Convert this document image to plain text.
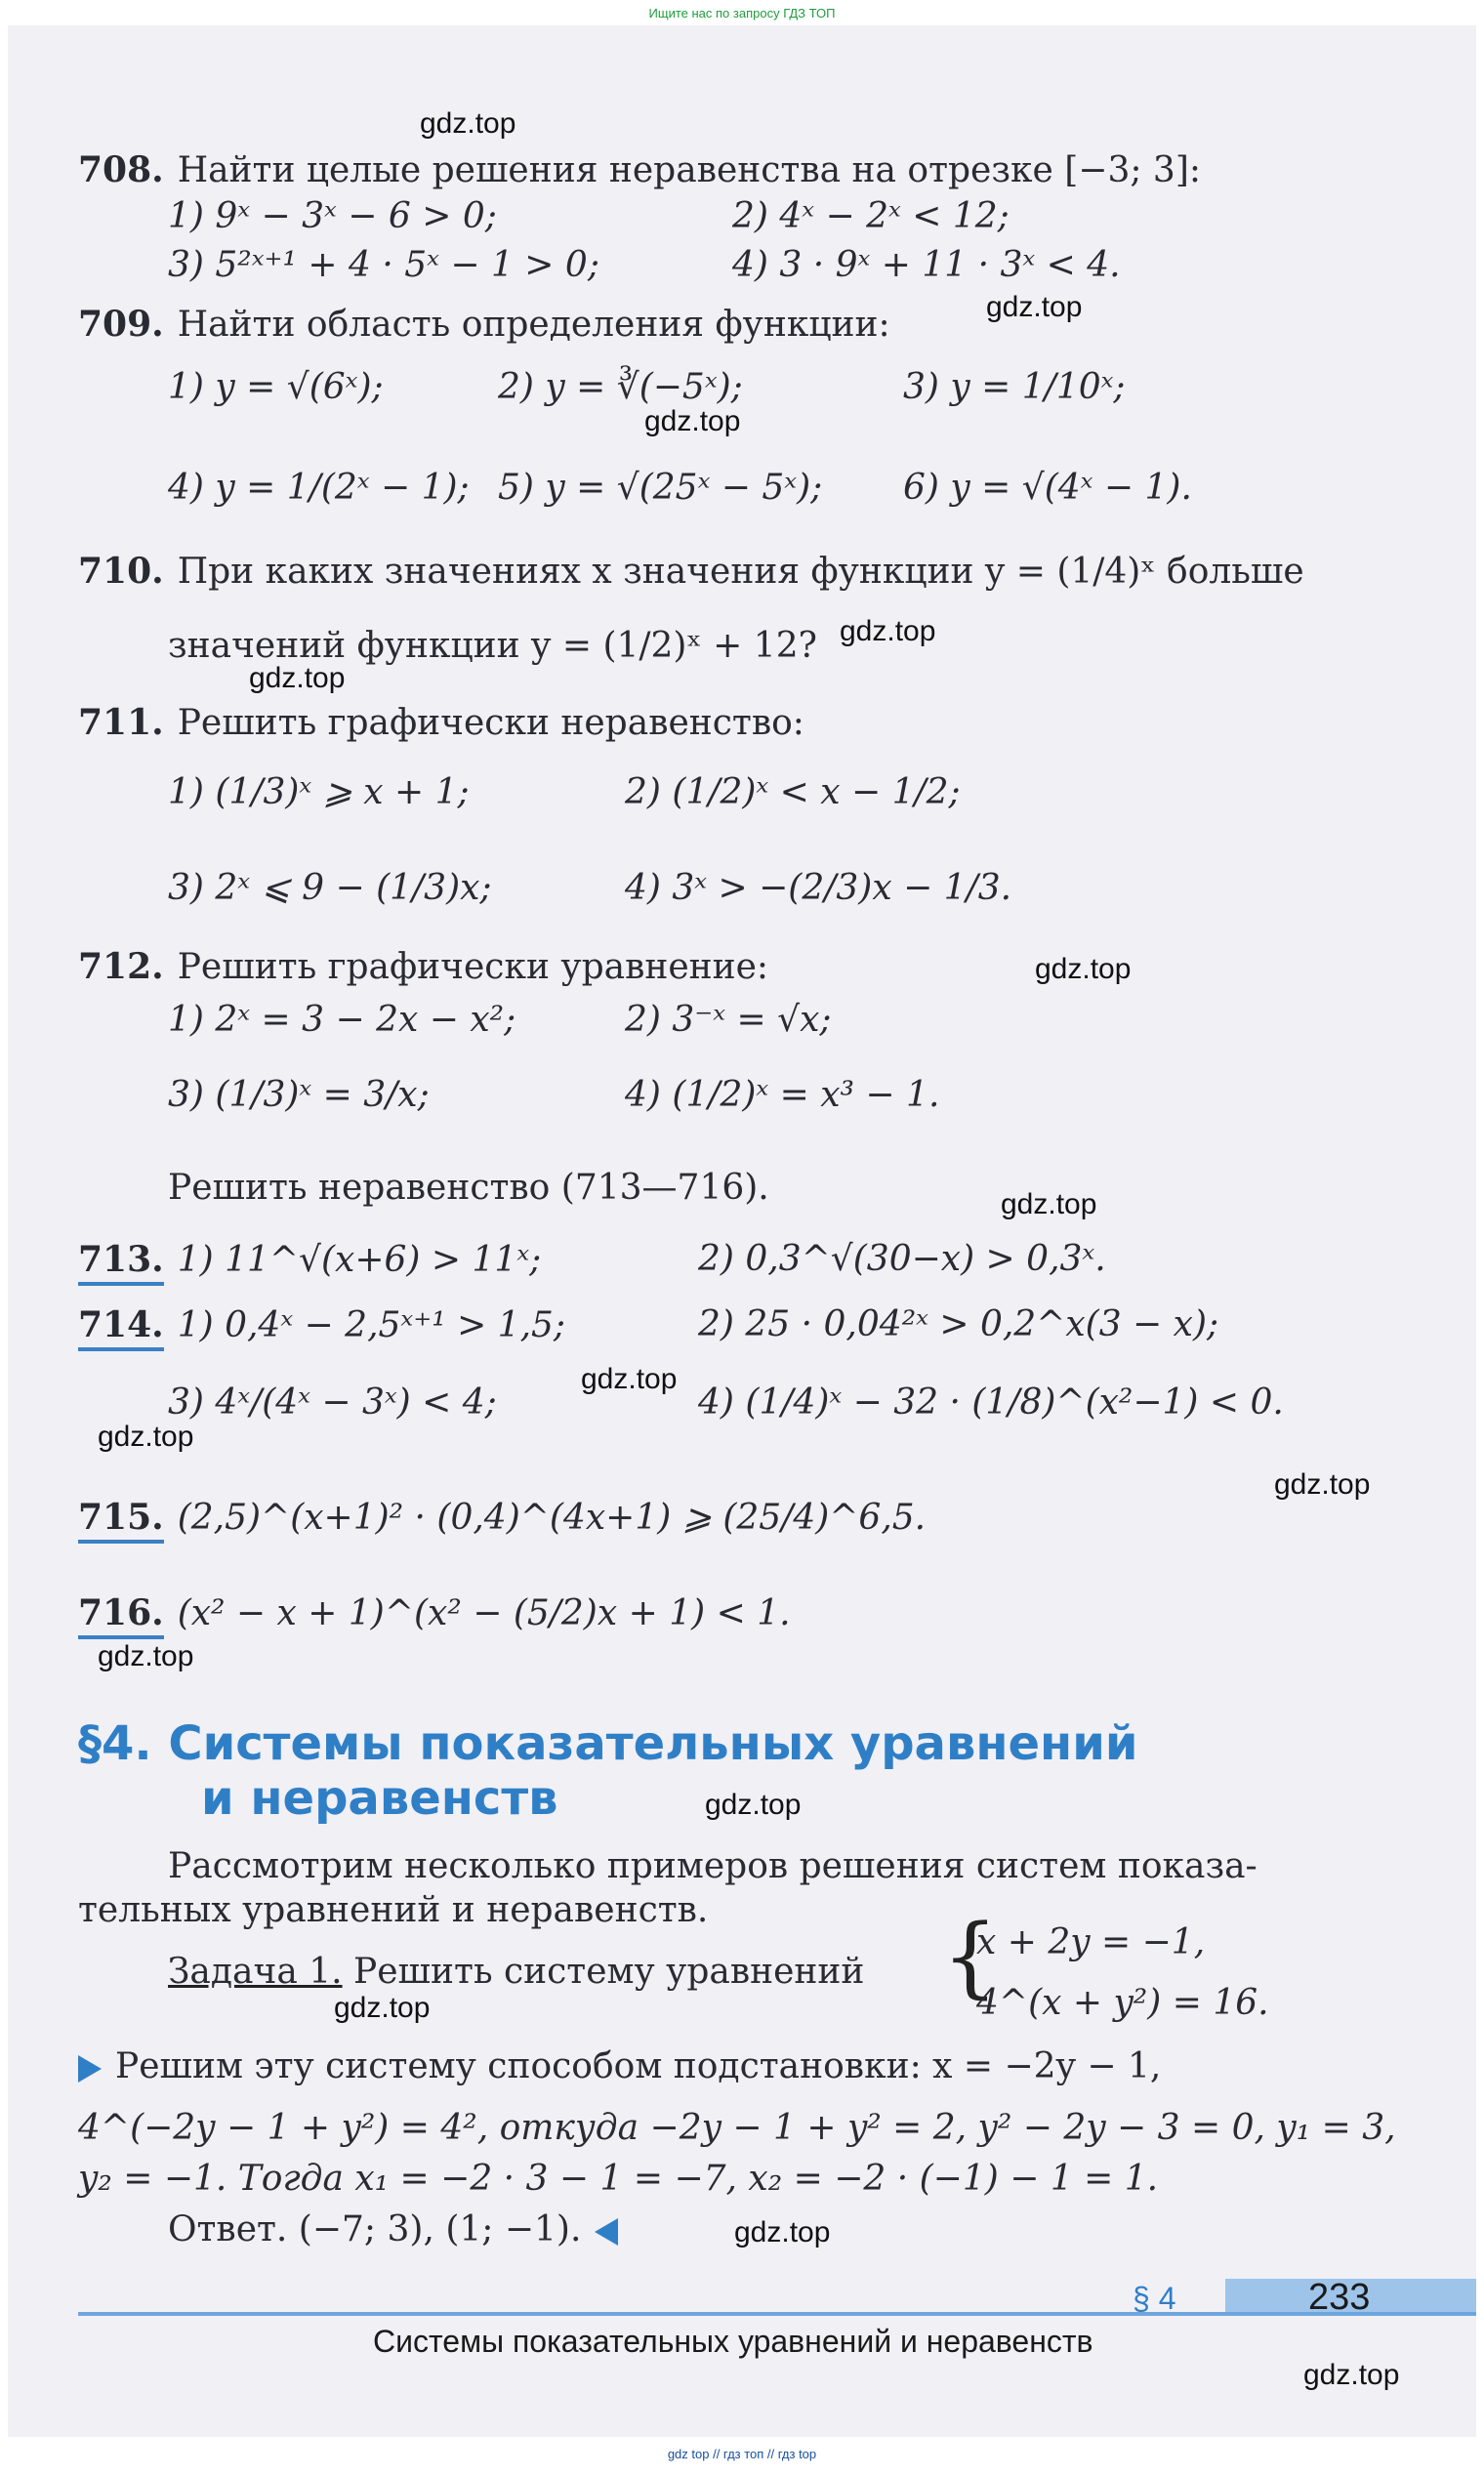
Ищите нас по запросу ГДЗ ТОП
gdz.top
gdz.top
gdz.top
gdz.top
gdz.top
gdz.top
gdz.top
gdz.top
gdz.top
gdz.top
gdz.top
gdz.top
gdz.top
gdz.top
gdz.top
708. Найти целые решения неравенства на отрезке [−3; 3]:
1) 9ˣ − 3ˣ − 6 > 0;	2) 4ˣ − 2ˣ < 12;
3) 5²ˣ⁺¹ + 4 · 5ˣ − 1 > 0;	4) 3 · 9ˣ + 11 · 3ˣ < 4.
709. Найти область определения функции:
1) y = √(6ˣ);	2) y = ∛(−5ˣ);	3) y = 1/10ˣ;
4) y = 1/(2ˣ − 1); 5) y = √(25ˣ − 5ˣ); 6) y = √(4ˣ − 1).
710. При каких значениях x значения функции y = (1/4)ˣ больше
значений функции y = (1/2)ˣ + 12?
711. Решить графически неравенство:
1) (1/3)ˣ ⩾ x + 1;	2) (1/2)ˣ < x − 1/2;
3) 2ˣ ⩽ 9 − (1/3)x;	4) 3ˣ > −(2/3)x − 1/3.
712. Решить графически уравнение:
1) 2ˣ = 3 − 2x − x²;	2) 3⁻ˣ = √x;
3) (1/3)ˣ = 3/x;	4) (1/2)ˣ = x³ − 1.
Решить неравенство (713—716).
713. 1) 11^√(x+6) > 11ˣ;	2) 0,3^√(30−x) > 0,3ˣ.
714. 1) 0,4ˣ − 2,5ˣ⁺¹ > 1,5;	2) 25 · 0,04²ˣ > 0,2^x(3 − x);
3) 4ˣ/(4ˣ − 3ˣ) < 4;	4) (1/4)ˣ − 32 · (1/8)^(x²−1) < 0.
715. (2,5)^(x+1)² · (0,4)^(4x+1) ⩾ (25/4)^6,5.
716. (x² − x + 1)^(x² − (5/2)x + 1) < 1.
§4. Системы показательных уравнений
и неравенств
Рассмотрим несколько примеров решения систем показа-
тельных уравнений и неравенств.
Задача 1. Решить систему уравнений {
x + 2y = −1,
4^(x + y²) = 16.
Решим эту систему способом подстановки: x = −2y − 1,
4^(−2y − 1 + y²) = 4², откуда −2y − 1 + y² = 2, y² − 2y − 3 = 0, y₁ = 3,
y₂ = −1. Тогда x₁ = −2 · 3 − 1 = −7, x₂ = −2 · (−1) − 1 = 1.
Ответ. (−7; 3), (1; −1).
§ 4	233
Системы показательных уравнений и неравенств
gdz top // гдз топ // гдз top
